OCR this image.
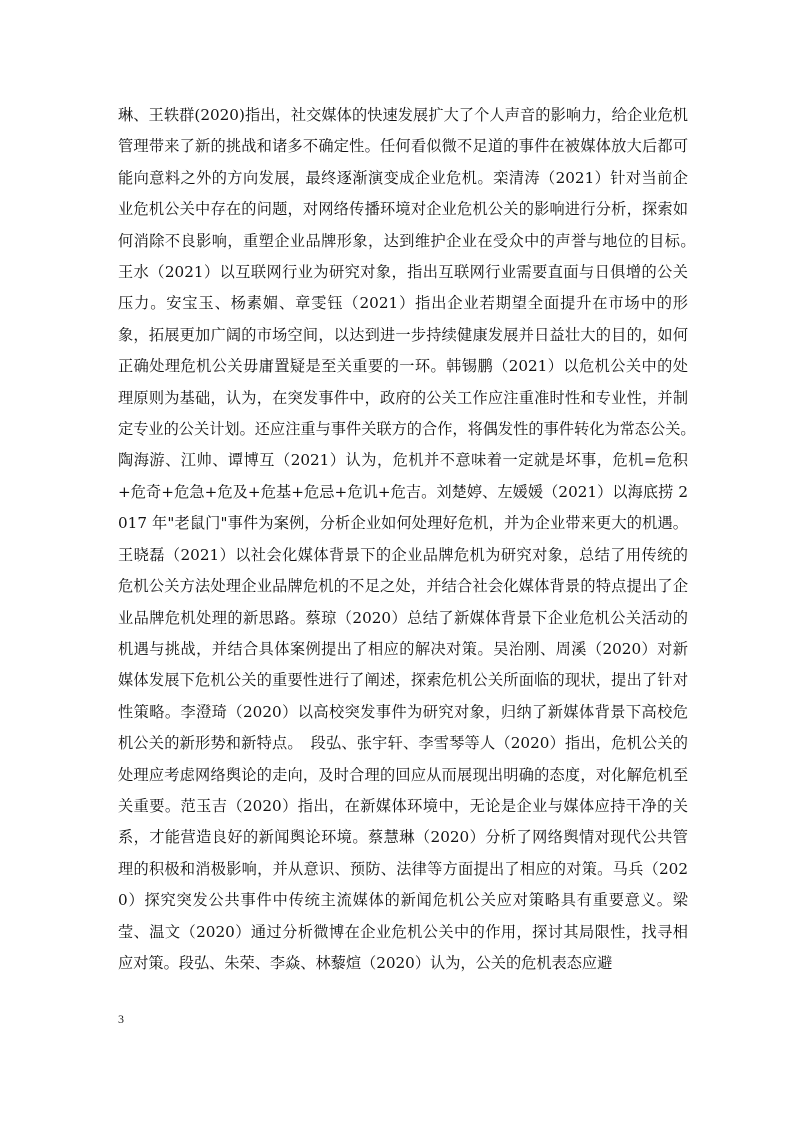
琳、王轶群(2020)指出，社交媒体的快速发展扩大了个人声音的影响力，给企业危机管理带来了新的挑战和诸多不确定性。任何看似微不足道的事件在被媒体放大后都可能向意料之外的方向发展，最终逐渐演变成企业危机。栾清涛（2021）针对当前企业危机公关中存在的问题，对网络传播环境对企业危机公关的影响进行分析，探索如何消除不良影响，重塑企业品牌形象，达到维护企业在受众中的声誉与地位的目标。　王水（2021）以互联网行业为研究对象，指出互联网行业需要直面与日俱增的公关压力。安宝玉、杨素媚、章雯钰（2021）指出企业若期望全面提升在市场中的形象，拓展更加广阔的市场空间，以达到进一步持续健康发展并日益壮大的目的，如何正确处理危机公关毋庸置疑是至关重要的一环。韩锡鹏（2021）以危机公关中的处理原则为基础，认为，在突发事件中，政府的公关工作应注重准时性和专业性，并制定专业的公关计划。还应注重与事件关联方的合作，将偶发性的事件转化为常态公关。　陶海游、江帅、谭博互（2021）认为，危机并不意味着一定就是坏事，危机=危积+危奇+危急+危及+危基+危忌+危讥+危吉。刘楚婷、左媛媛（2021）以海底捞 2017 年"老鼠门"事件为案例，分析企业如何处理好危机，并为企业带来更大的机遇。王晓磊（2021）以社会化媒体背景下的企业品牌危机为研究对象，总结了用传统的危机公关方法处理企业品牌危机的不足之处，并结合社会化媒体背景的特点提出了企业品牌危机处理的新思路。蔡琼（2020）总结了新媒体背景下企业危机公关活动的机遇与挑战，并结合具体案例提出了相应的解决对策。吴治刚、周溪（2020）对新媒体发展下危机公关的重要性进行了阐述，探索危机公关所面临的现状，提出了针对性策略。李澄琦（2020）以高校突发事件为研究对象，归纳了新媒体背景下高校危机公关的新形势和新特点。　段弘、张宇轩、李雪琴等人（2020）指出，危机公关的处理应考虑网络舆论的走向，及时合理的回应从而展现出明确的态度，对化解危机至关重要。范玉吉（2020）指出，在新媒体环境中，无论是企业与媒体应持干净的关系，才能营造良好的新闻舆论环境。蔡慧琳（2020）分析了网络舆情对现代公共管理的积极和消极影响，并从意识、预防、法律等方面提出了相应的对策。马兵（2020）探究突发公共事件中传统主流媒体的新闻危机公关应对策略具有重要意义。梁莹、温文（2020）通过分析微博在企业危机公关中的作用，探讨其局限性，找寻相应对策。段弘、朱荣、李焱、林藜煊（2020）认为，公关的危机表态应避

3
